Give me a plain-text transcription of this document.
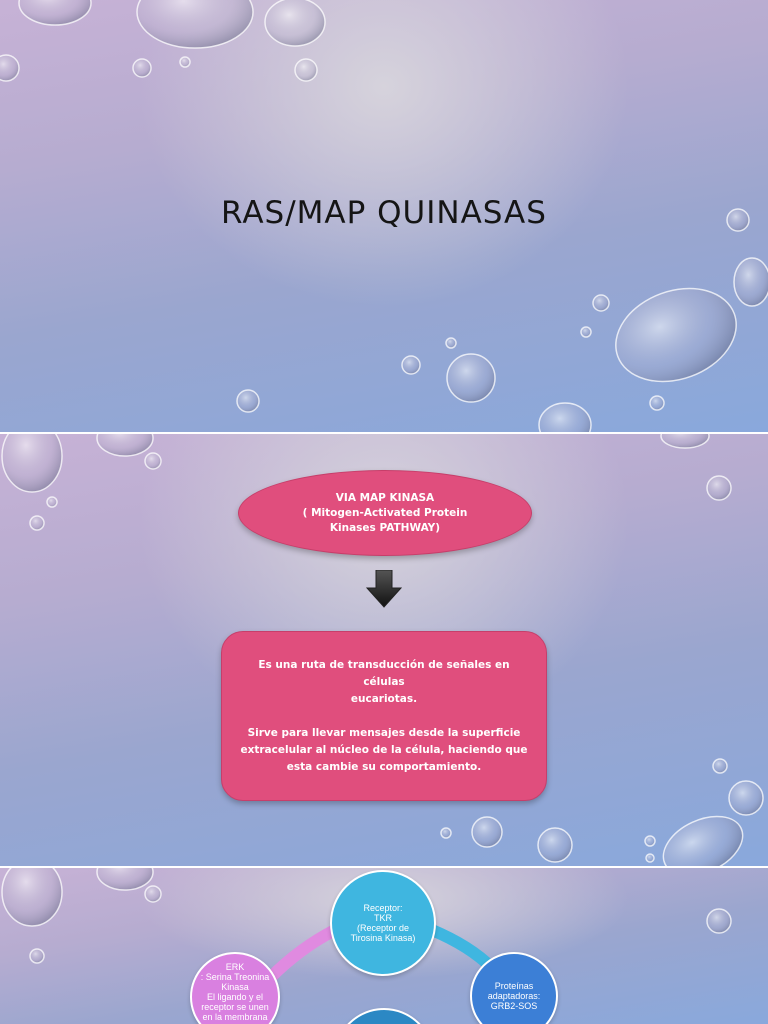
RAS/MAP QUINASAS
VIA MAP KINASA
( Mitogen-Activated Protein
Kinases PATHWAY)

Es una ruta de transducción de señales en células

eucariotas.

Sirve para llevar mensajes desde la superficie

extracelular al núcleo de la célula, haciendo que

esta cambie su comportamiento.

Receptor:
TKR
(Receptor de
Tirosina Kinasa)
Proteínas
adaptadoras:
GRB2-SOS
ERK
: Serina Treonina
Kinasa
El ligando y el
receptor se unen
en la membrana
